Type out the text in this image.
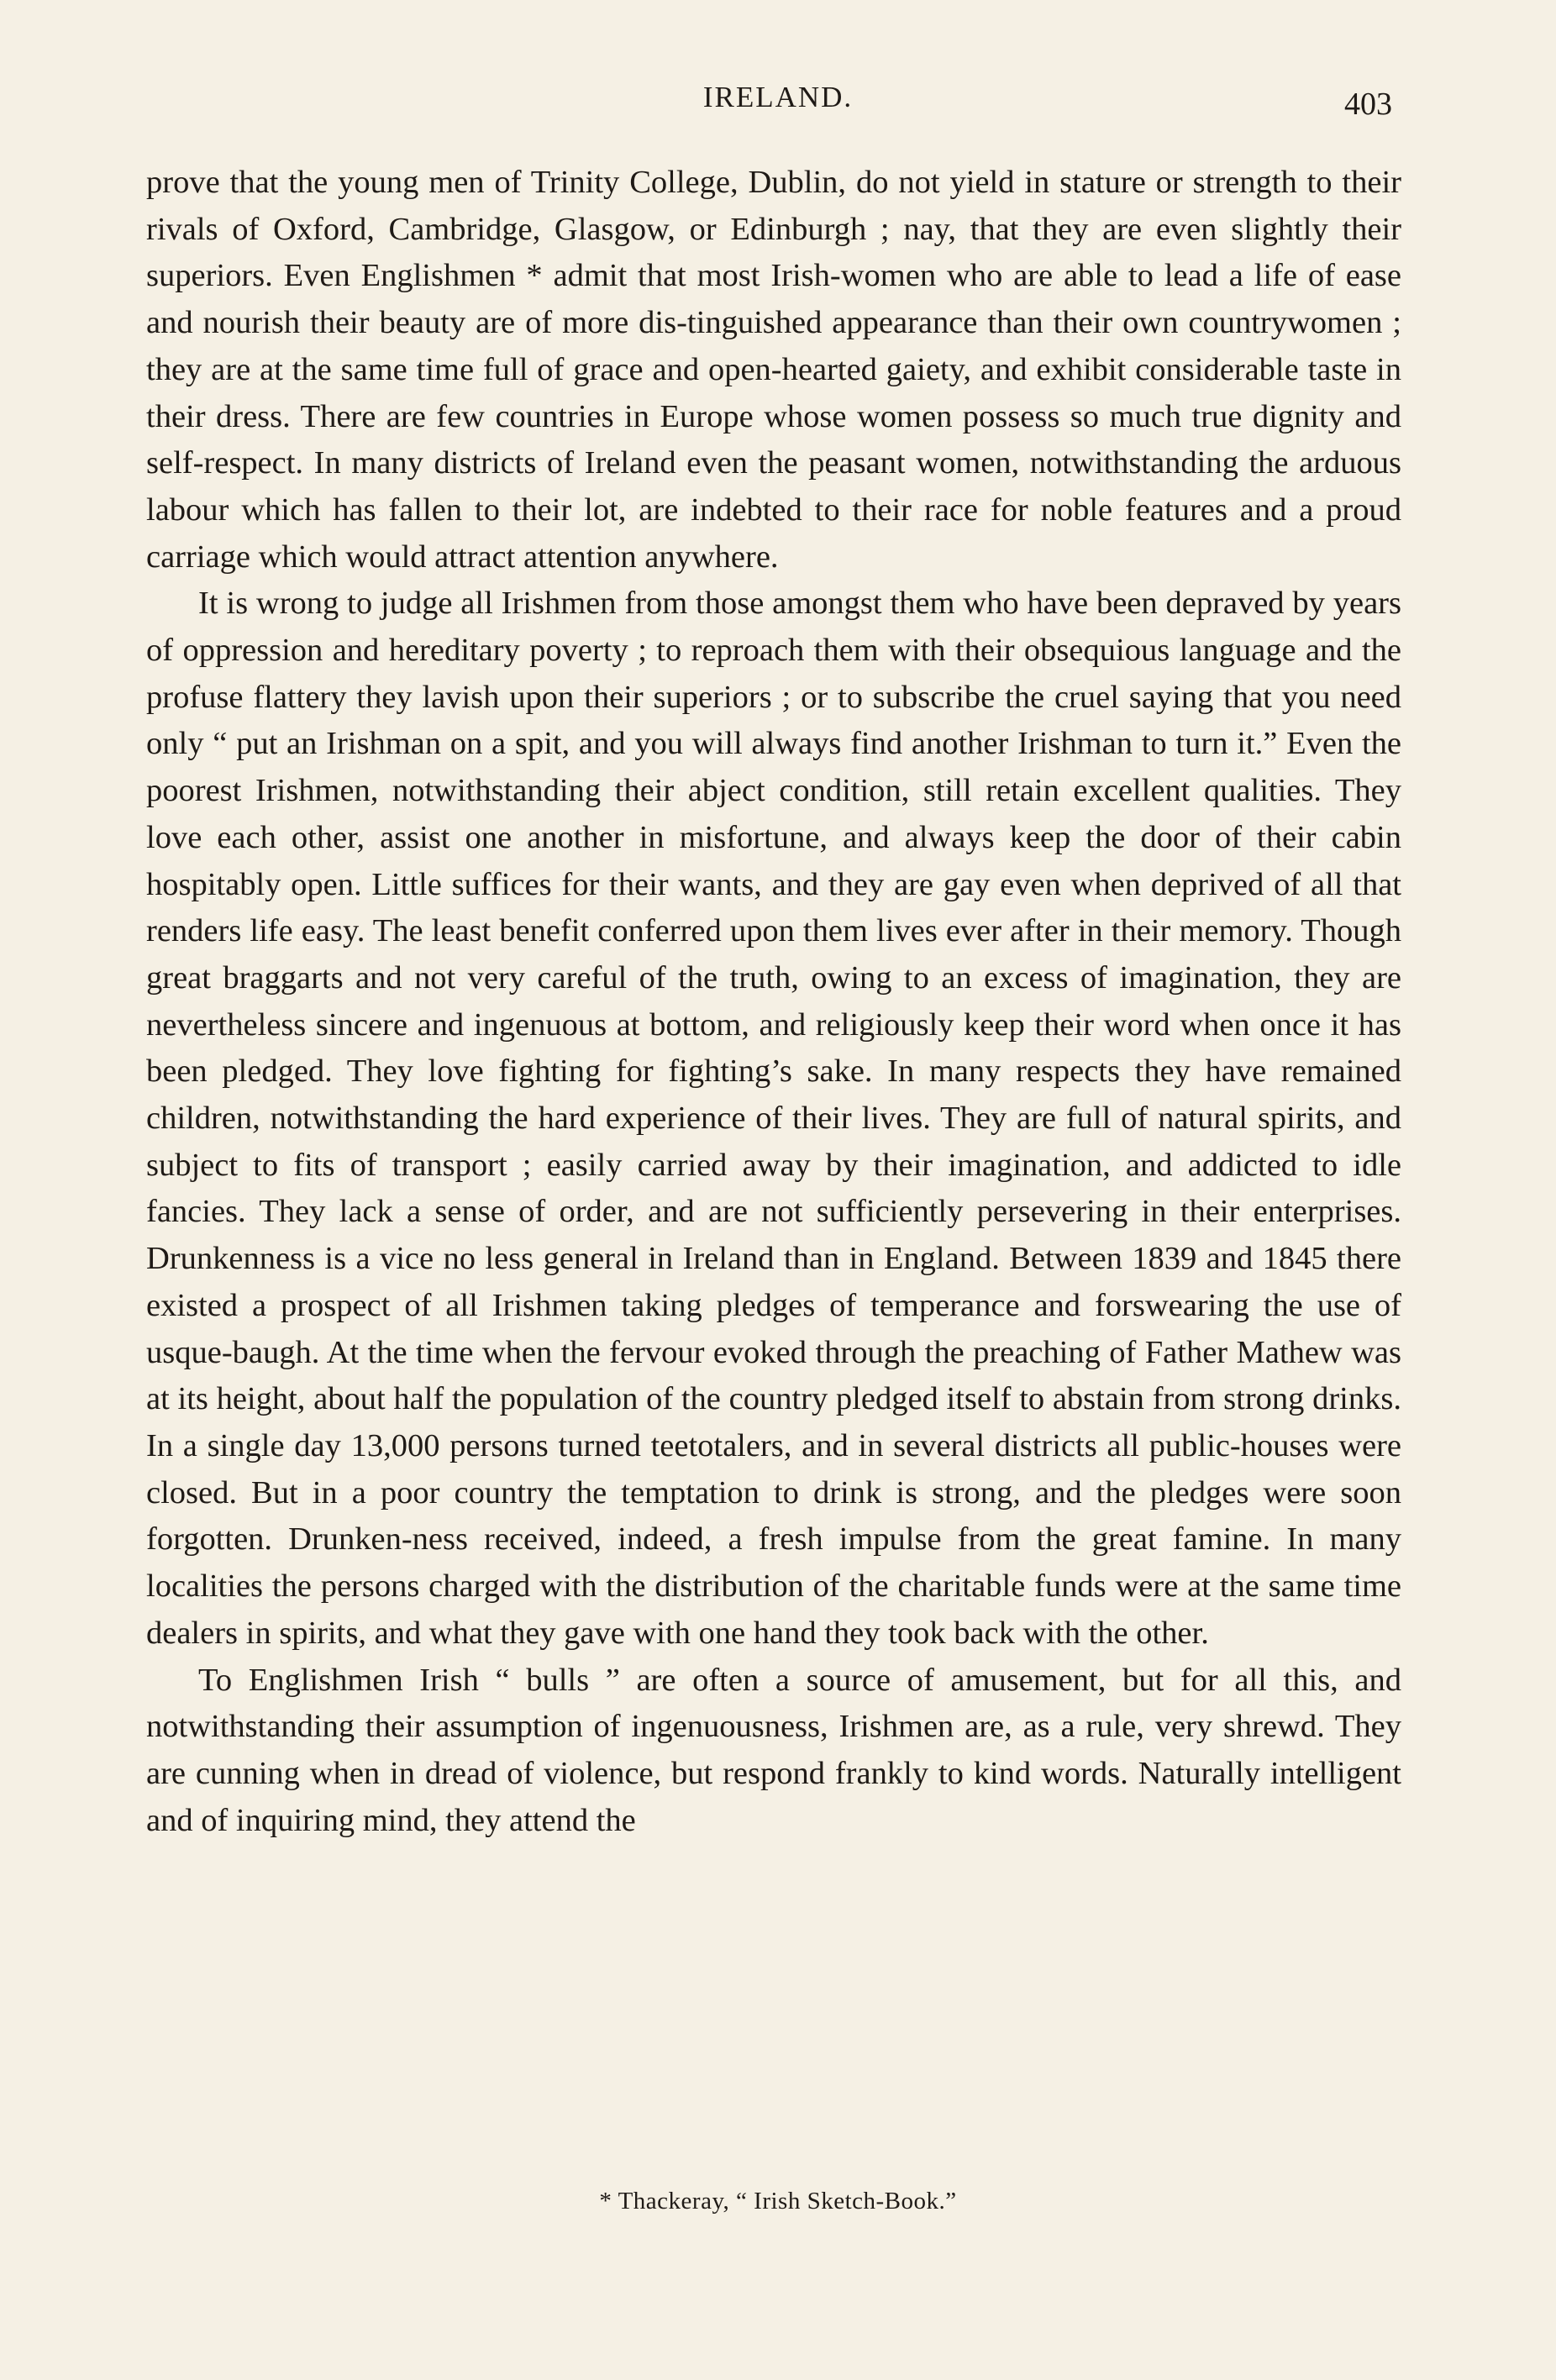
IRELAND.	403

prove that the young men of Trinity College, Dublin, do not yield in stature or strength to their rivals of Oxford, Cambridge, Glasgow, or Edinburgh ; nay, that they are even slightly their superiors. Even Englishmen * admit that most Irish-women who are able to lead a life of ease and nourish their beauty are of more dis-tinguished appearance than their own countrywomen ; they are at the same time full of grace and open-hearted gaiety, and exhibit considerable taste in their dress. There are few countries in Europe whose women possess so much true dignity and self-respect. In many districts of Ireland even the peasant women, notwithstanding the arduous labour which has fallen to their lot, are indebted to their race for noble features and a proud carriage which would attract attention anywhere.

It is wrong to judge all Irishmen from those amongst them who have been depraved by years of oppression and hereditary poverty ; to reproach them with their obsequious language and the profuse flattery they lavish upon their superiors ; or to subscribe the cruel saying that you need only “ put an Irishman on a spit, and you will always find another Irishman to turn it.” Even the poorest Irishmen, notwithstanding their abject condition, still retain excellent qualities. They love each other, assist one another in misfortune, and always keep the door of their cabin hospitably open. Little suffices for their wants, and they are gay even when deprived of all that renders life easy. The least benefit conferred upon them lives ever after in their memory. Though great braggarts and not very careful of the truth, owing to an excess of imagination, they are nevertheless sincere and ingenuous at bottom, and religiously keep their word when once it has been pledged. They love fighting for fighting’s sake. In many respects they have remained children, notwithstanding the hard experience of their lives. They are full of natural spirits, and subject to fits of transport ; easily carried away by their imagination, and addicted to idle fancies. They lack a sense of order, and are not sufficiently persevering in their enterprises. Drunkenness is a vice no less general in Ireland than in England. Between 1839 and 1845 there existed a prospect of all Irishmen taking pledges of temperance and forswearing the use of usque-baugh. At the time when the fervour evoked through the preaching of Father Mathew was at its height, about half the population of the country pledged itself to abstain from strong drinks. In a single day 13,000 persons turned teetotalers, and in several districts all public-houses were closed. But in a poor country the temptation to drink is strong, and the pledges were soon forgotten. Drunken-ness received, indeed, a fresh impulse from the great famine. In many localities the persons charged with the distribution of the charitable funds were at the same time dealers in spirits, and what they gave with one hand they took back with the other.

To Englishmen Irish “ bulls ” are often a source of amusement, but for all this, and notwithstanding their assumption of ingenuousness, Irishmen are, as a rule, very shrewd. They are cunning when in dread of violence, but respond frankly to kind words. Naturally intelligent and of inquiring mind, they attend the

* Thackeray, “ Irish Sketch-Book.”
